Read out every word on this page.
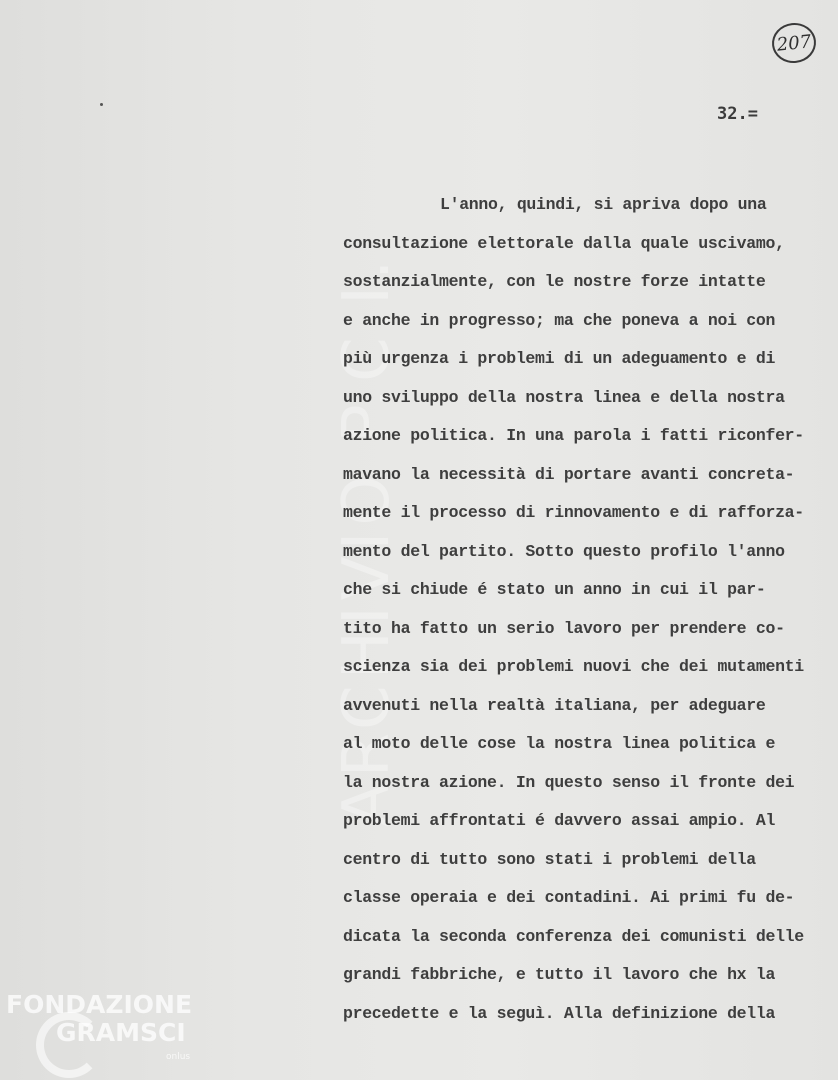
ARCHIVIO P.C.I.
207
32.=
L'anno, quindi, si apriva dopo una
consultazione elettorale dalla quale uscivamo,
sostanzialmente, con le nostre forze intatte
e anche in progresso; ma che poneva a noi con
più urgenza i problemi di un adeguamento e di
uno sviluppo della nostra linea e della nostra
azione politica. In una parola i fatti riconfer-
mavano la necessità di portare avanti concreta-
mente il processo di rinnovamento e di rafforza-
mento del partito. Sotto questo profilo l'anno
che si chiude é stato un anno in cui il par-
tito ha fatto un serio lavoro per prendere co-
scienza sia dei problemi nuovi che dei mutamenti
avvenuti nella realtà italiana, per adeguare
al moto delle cose la nostra linea politica e
la nostra azione. In questo senso il fronte dei
problemi affrontati é davvero assai ampio. Al
centro di tutto sono stati i problemi della
classe operaia e dei contadini. Ai primi fu de-
dicata la seconda conferenza dei comunisti delle
grandi fabbriche, e tutto il lavoro che hx la
precedette e la seguì. Alla definizione della
FONDAZIONE
GRAMSCI
onlus
